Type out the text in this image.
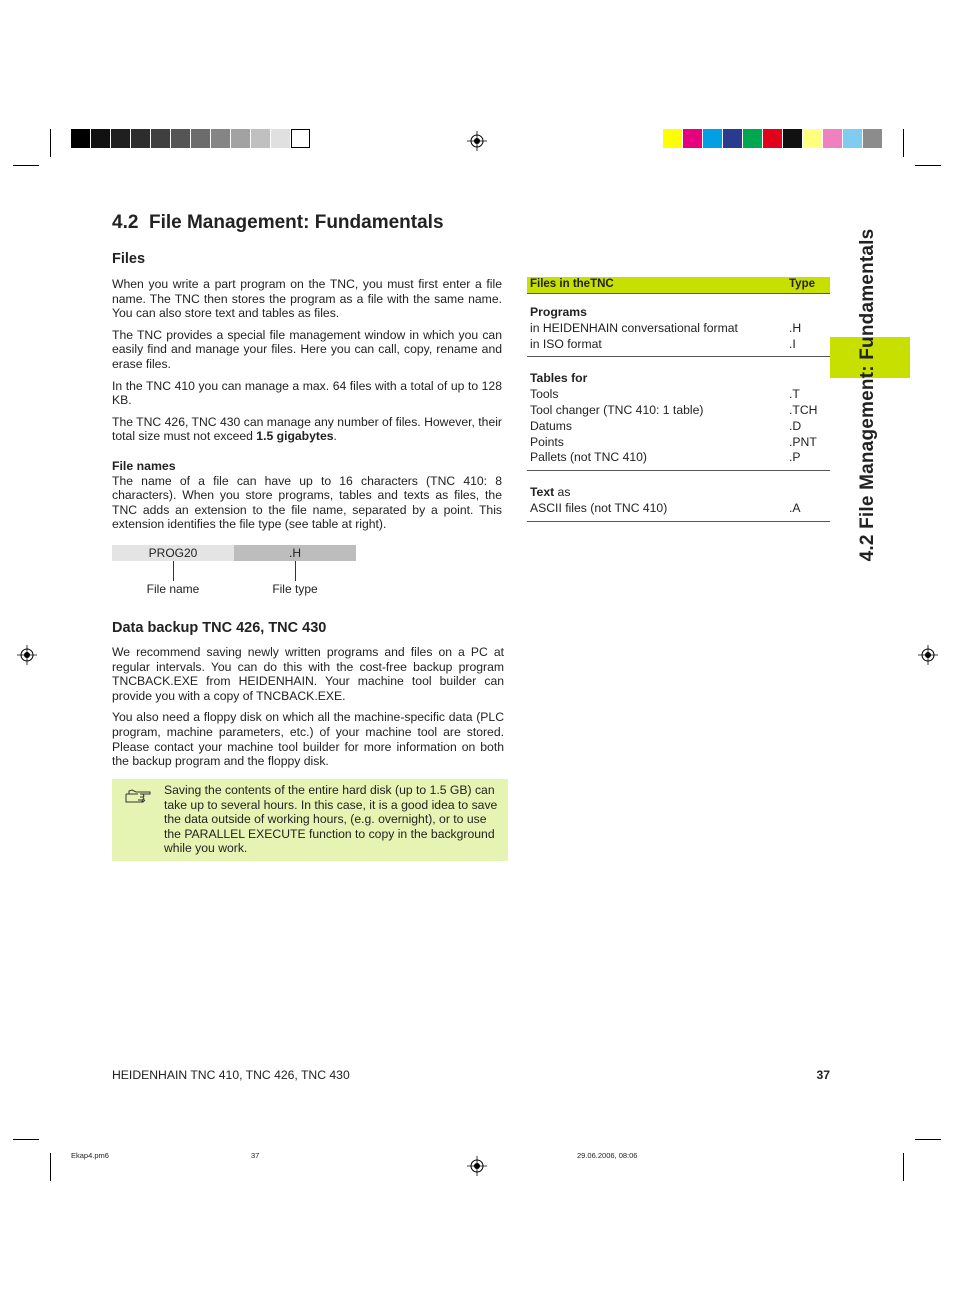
4.2 File Management: Fundamentals
4.2  File Management: Fundamentals
Files

When you write a part program on the TNC, you must first enter a file name. The TNC then stores the program as a file with the same name. You can also store text and tables as files.

The TNC provides a special file management window in which you can easily find and manage your files. Here you can call, copy, rename and erase files.

In the TNC 410 you can manage a max. 64 files with a total of up to 128 KB.

The TNC 426, TNC 430 can manage any number of files. However, their total size must not exceed 1.5 gigabytes.

File names

The name of a file can have up to 16 characters (TNC 410: 8 characters). When you store programs, tables and texts as files, the TNC adds an extension to the file name, separated by a point. This extension identifies the file type (see table at right).

PROG20	.H
File name	File type
Data backup TNC 426, TNC 430

We recommend saving newly written programs and files on a PC at regular intervals. You can do this with the cost-free backup program TNCBACK.EXE from HEIDENHAIN. Your machine tool builder can provide you with a copy of TNCBACK.EXE.

You also need a floppy disk on which all the machine-specific data (PLC program, machine parameters, etc.) of your machine tool are stored. Please contact your machine tool builder for more information on both the backup program and the floppy disk.

Saving the contents of the entire hard disk (up to 1.5 GB) can take up to several hours. In this case, it is a good idea to save the data outside of working hours, (e.g. overnight), or to use the PARALLEL EXECUTE function to copy in the background while you work.

Files in theTNC	Type
Programs
in HEIDENHAIN conversational format	.H
in ISO format	.I
Tables for
Tools	.T
Tool changer (TNC 410: 1 table)	.TCH
Datums	.D
Points	.PNT
Pallets (not TNC 410)	.P
Text as
ASCII files (not TNC 410)	.A
HEIDENHAIN TNC 410, TNC 426, TNC 430	37
Ekap4.pm6	37	29.06.2006, 08:06
